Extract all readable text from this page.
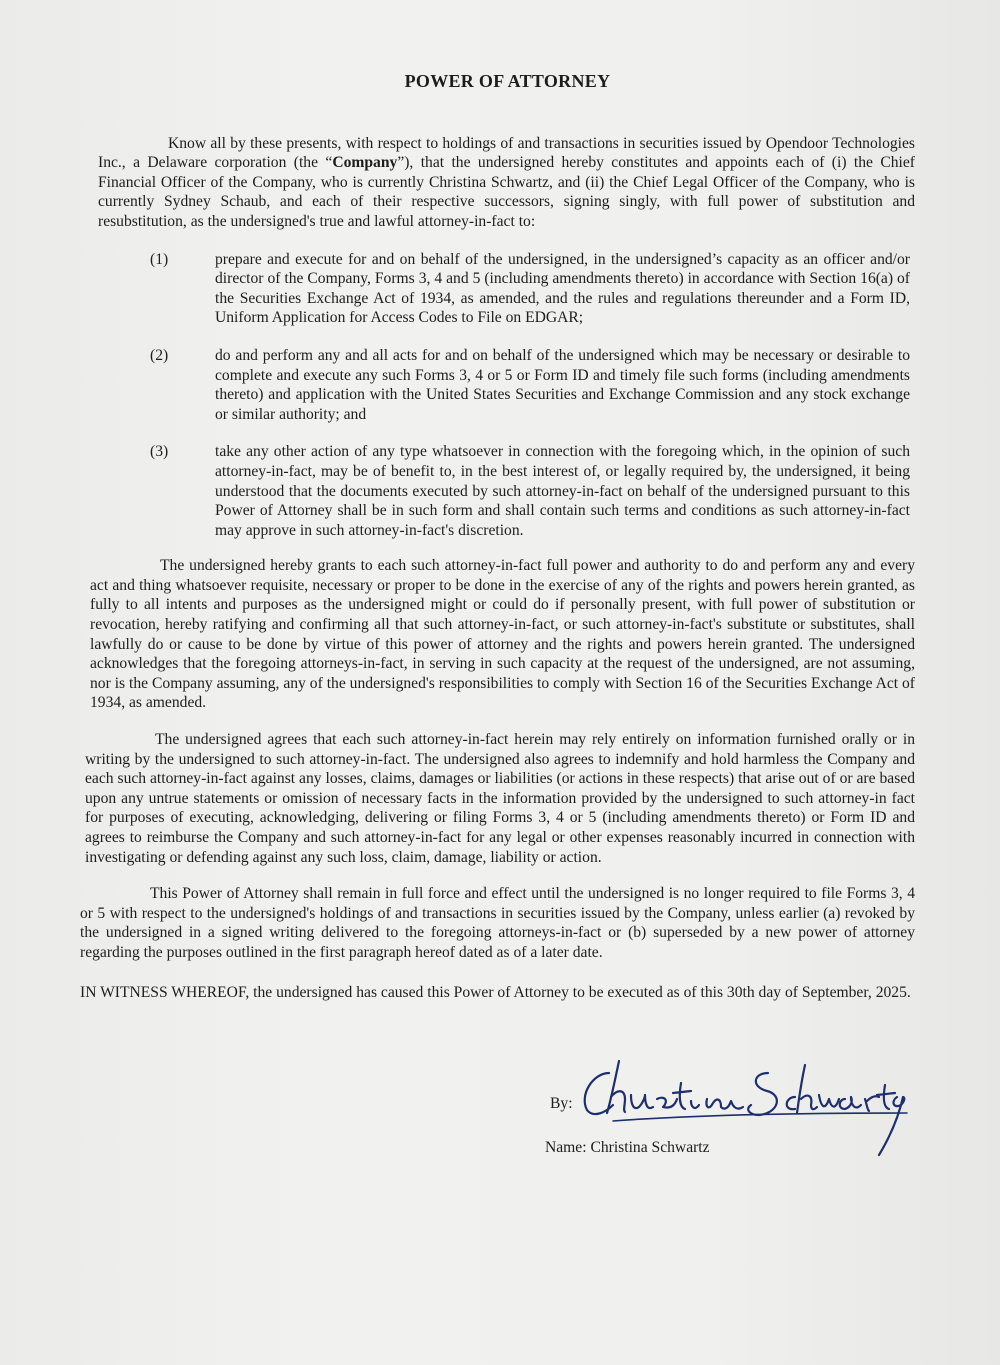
POWER OF ATTORNEY

Know all by these presents, with respect to holdings of and transactions in securities issued by Opendoor Technologies Inc., a Delaware corporation (the “Company”), that the undersigned hereby constitutes and appoints each of (i) the Chief Financial Officer of the Company, who is currently Christina Schwartz, and (ii) the Chief Legal Officer of the Company, who is currently Sydney Schaub, and each of their respective successors, signing singly, with full power of substitution and resubstitution, as the undersigned's true and lawful attorney-in-fact to:

(1)	prepare and execute for and on behalf of the undersigned, in the undersigned’s capacity as an officer and/or director of the Company, Forms 3, 4 and 5 (including amendments thereto) in accordance with Section 16(a) of the Securities Exchange Act of 1934, as amended, and the rules and regulations thereunder and a Form ID, Uniform Application for Access Codes to File on EDGAR;
(2)	do and perform any and all acts for and on behalf of the undersigned which may be necessary or desirable to complete and execute any such Forms 3, 4 or 5 or Form ID and timely file such forms (including amendments thereto) and application with the United States Securities and Exchange Commission and any stock exchange or similar authority; and
(3)	take any other action of any type whatsoever in connection with the foregoing which, in the opinion of such attorney-in-fact, may be of benefit to, in the best interest of, or legally required by, the undersigned, it being understood that the documents executed by such attorney-in-fact on behalf of the undersigned pursuant to this Power of Attorney shall be in such form and shall contain such terms and conditions as such attorney-in-fact may approve in such attorney-in-fact's discretion.

The undersigned hereby grants to each such attorney-in-fact full power and authority to do and perform any and every act and thing whatsoever requisite, necessary or proper to be done in the exercise of any of the rights and powers herein granted, as fully to all intents and purposes as the undersigned might or could do if personally present, with full power of substitution or revocation, hereby ratifying and confirming all that such attorney-in-fact, or such attorney-in-fact's substitute or substitutes, shall lawfully do or cause to be done by virtue of this power of attorney and the rights and powers herein granted. The undersigned acknowledges that the foregoing attorneys-in-fact, in serving in such capacity at the request of the undersigned, are not assuming, nor is the Company assuming, any of the undersigned's responsibilities to comply with Section 16 of the Securities Exchange Act of 1934, as amended.

The undersigned agrees that each such attorney-in-fact herein may rely entirely on information furnished orally or in writing by the undersigned to such attorney-in-fact. The undersigned also agrees to indemnify and hold harmless the Company and each such attorney-in-fact against any losses, claims, damages or liabilities (or actions in these respects) that arise out of or are based upon any untrue statements or omission of necessary facts in the information provided by the undersigned to such attorney-in fact for purposes of executing, acknowledging, delivering or filing Forms 3, 4 or 5 (including amendments thereto) or Form ID and agrees to reimburse the Company and such attorney-in-fact for any legal or other expenses reasonably incurred in connection with investigating or defending against any such loss, claim, damage, liability or action.

This Power of Attorney shall remain in full force and effect until the undersigned is no longer required to file Forms 3, 4 or 5 with respect to the undersigned's holdings of and transactions in securities issued by the Company, unless earlier (a) revoked by the undersigned in a signed writing delivered to the foregoing attorneys-in-fact or (b) superseded by a new power of attorney regarding the purposes outlined in the first paragraph hereof dated as of a later date.

IN WITNESS WHEREOF, the undersigned has caused this Power of Attorney to be executed as of this 30th day of September, 2025.

By:
Name: Christina Schwartz
